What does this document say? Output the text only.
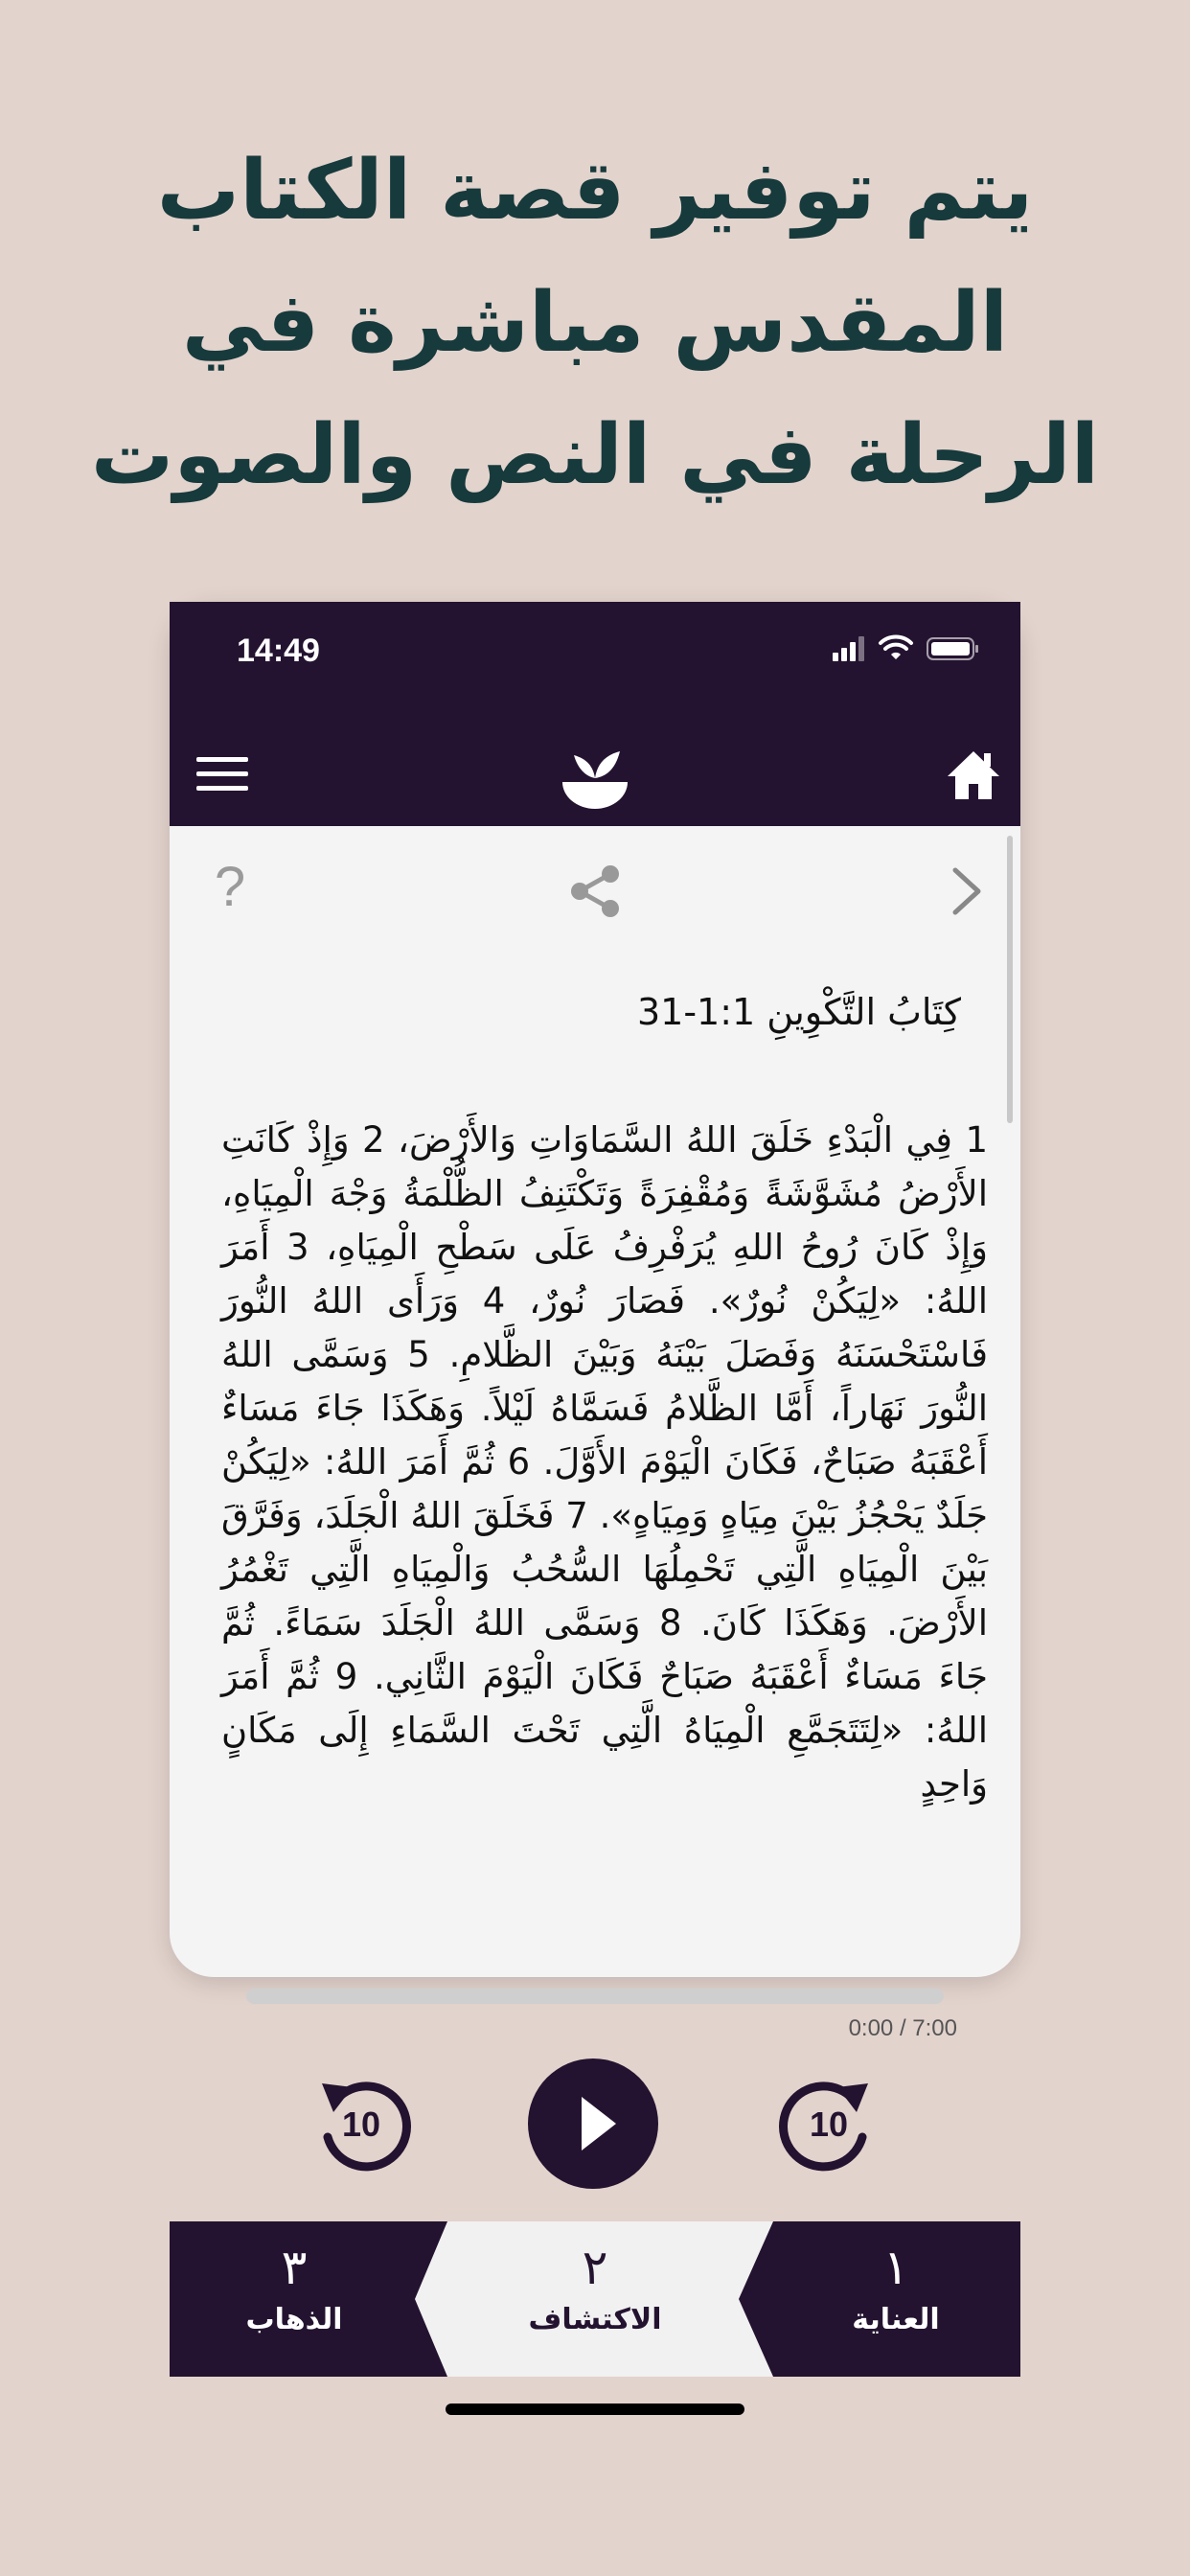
يتم توفير قصة الكتاب
المقدس مباشرة في
الرحلة في النص والصوت
14:49
?
كِتَابُ التَّكْوِينِ 1:1-31
1 فِي الْبَدْءِ خَلَقَ اللهُ السَّمَاوَاتِ وَالأَرْضَ، 2 وَإِذْ كَانَتِ الأَرْضُ مُشَوَّشَةً وَمُقْفِرَةً وَتَكْتَنِفُ الظُّلْمَةُ وَجْهَ الْمِيَاهِ، وَإِذْ كَانَ رُوحُ اللهِ يُرَفْرِفُ عَلَى سَطْحِ الْمِيَاهِ، 3 أَمَرَ اللهُ: «لِيَكُنْ نُورٌ». فَصَارَ نُورٌ، 4 وَرَأَى اللهُ النُّورَ فَاسْتَحْسَنَهُ وَفَصَلَ بَيْنَهُ وَبَيْنَ الظَّلامِ. 5 وَسَمَّى اللهُ النُّورَ نَهَاراً، أَمَّا الظَّلامُ فَسَمَّاهُ لَيْلاً. وَهَكَذَا جَاءَ مَسَاءٌ أَعْقَبَهُ صَبَاحٌ، فَكَانَ الْيَوْمَ الأَوَّلَ. 6 ثُمَّ أَمَرَ اللهُ: «لِيَكُنْ جَلَدٌ يَحْجُزُ بَيْنَ مِيَاهٍ وَمِيَاهٍ». 7 فَخَلَقَ اللهُ الْجَلَدَ، وَفَرَّقَ بَيْنَ الْمِيَاهِ الَّتِي تَحْمِلُهَا السُّحُبُ وَالْمِيَاهِ الَّتِي تَغْمُرُ الأَرْضَ. وَهَكَذَا كَانَ. 8 وَسَمَّى اللهُ الْجَلَدَ سَمَاءً. ثُمَّ جَاءَ مَسَاءٌ أَعْقَبَهُ صَبَاحٌ فَكَانَ الْيَوْمَ الثَّانِي. 9 ثُمَّ أَمَرَ اللهُ: «لِتَتَجَمَّعِ الْمِيَاهُ الَّتِي تَحْتَ السَّمَاءِ إِلَى مَكَانٍ وَاحِدٍ
0:00 / 7:00
10	10
١
العناية
٢
الاكتشاف
٣
الذهاب
